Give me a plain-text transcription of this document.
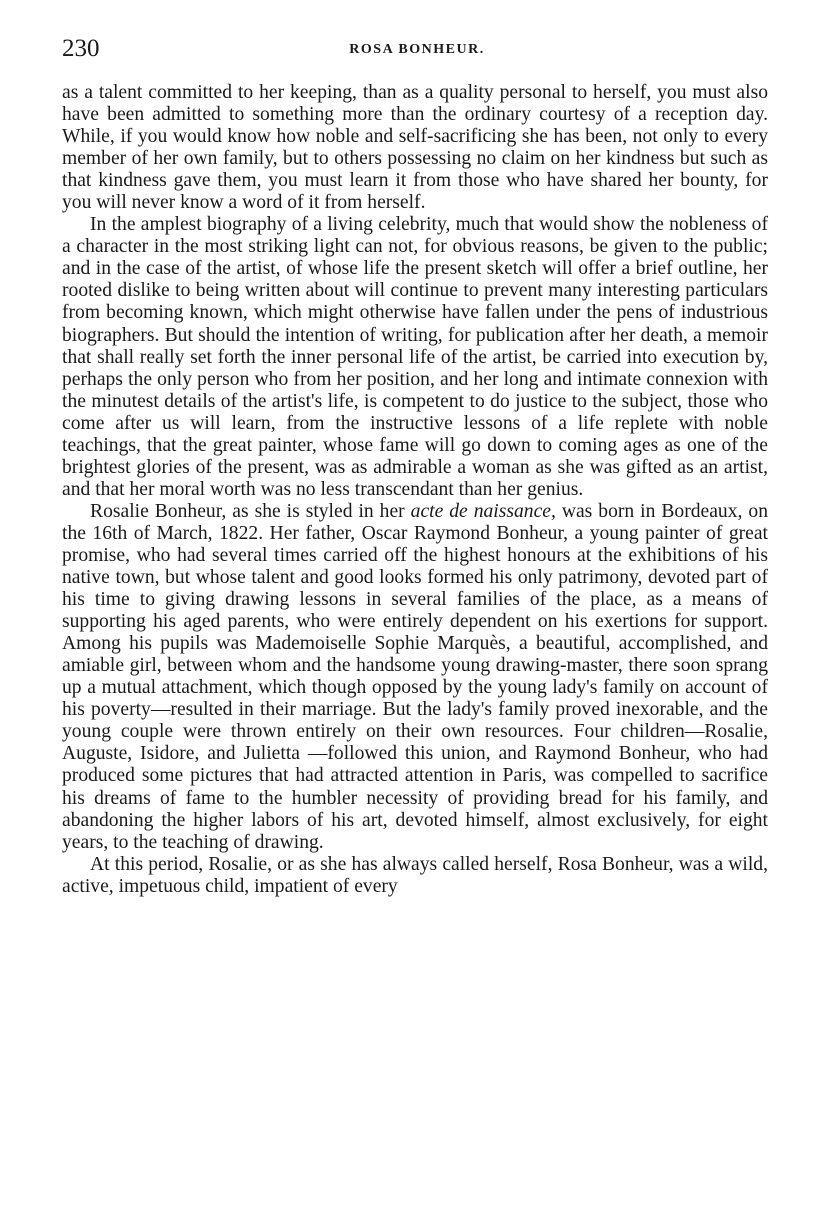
230	ROSA BONHEUR.

as a talent committed to her keeping, than as a quality personal to herself, you must also have been admitted to something more than the ordinary courtesy of a reception day. While, if you would know how noble and self-sacrificing she has been, not only to every member of her own family, but to others possessing no claim on her kindness but such as that kindness gave them, you must learn it from those who have shared her bounty, for you will never know a word of it from herself.

In the amplest biography of a living celebrity, much that would show the nobleness of a character in the most striking light can not, for obvious reasons, be given to the public; and in the case of the artist, of whose life the present sketch will offer a brief outline, her rooted dislike to being written about will continue to prevent many interesting particulars from becoming known, which might otherwise have fallen under the pens of industrious biographers. But should the intention of writing, for publication after her death, a memoir that shall really set forth the inner personal life of the artist, be carried into execution by, perhaps the only person who from her position, and her long and intimate connexion with the minutest details of the artist's life, is competent to do justice to the subject, those who come after us will learn, from the instructive lessons of a life replete with noble teachings, that the great painter, whose fame will go down to coming ages as one of the brightest glories of the present, was as admirable a woman as she was gifted as an artist, and that her moral worth was no less transcendant than her genius.

Rosalie Bonheur, as she is styled in her acte de naissance, was born in Bordeaux, on the 16th of March, 1822. Her father, Oscar Raymond Bonheur, a young painter of great promise, who had several times carried off the highest honours at the exhibitions of his native town, but whose talent and good looks formed his only patrimony, devoted part of his time to giving drawing lessons in several families of the place, as a means of supporting his aged parents, who were entirely dependent on his exertions for support. Among his pupils was Mademoiselle Sophie Marquès, a beautiful, accomplished, and amiable girl, between whom and the handsome young drawing-master, there soon sprang up a mutual attachment, which though opposed by the young lady's family on account of his poverty—resulted in their marriage. But the lady's family proved inexorable, and the young couple were thrown entirely on their own resources. Four children—Rosalie, Auguste, Isidore, and Julietta —followed this union, and Raymond Bonheur, who had produced some pictures that had attracted attention in Paris, was compelled to sacrifice his dreams of fame to the humbler necessity of providing bread for his family, and abandoning the higher labors of his art, devoted himself, almost exclusively, for eight years, to the teaching of drawing.

At this period, Rosalie, or as she has always called herself, Rosa Bonheur, was a wild, active, impetuous child, impatient of every
